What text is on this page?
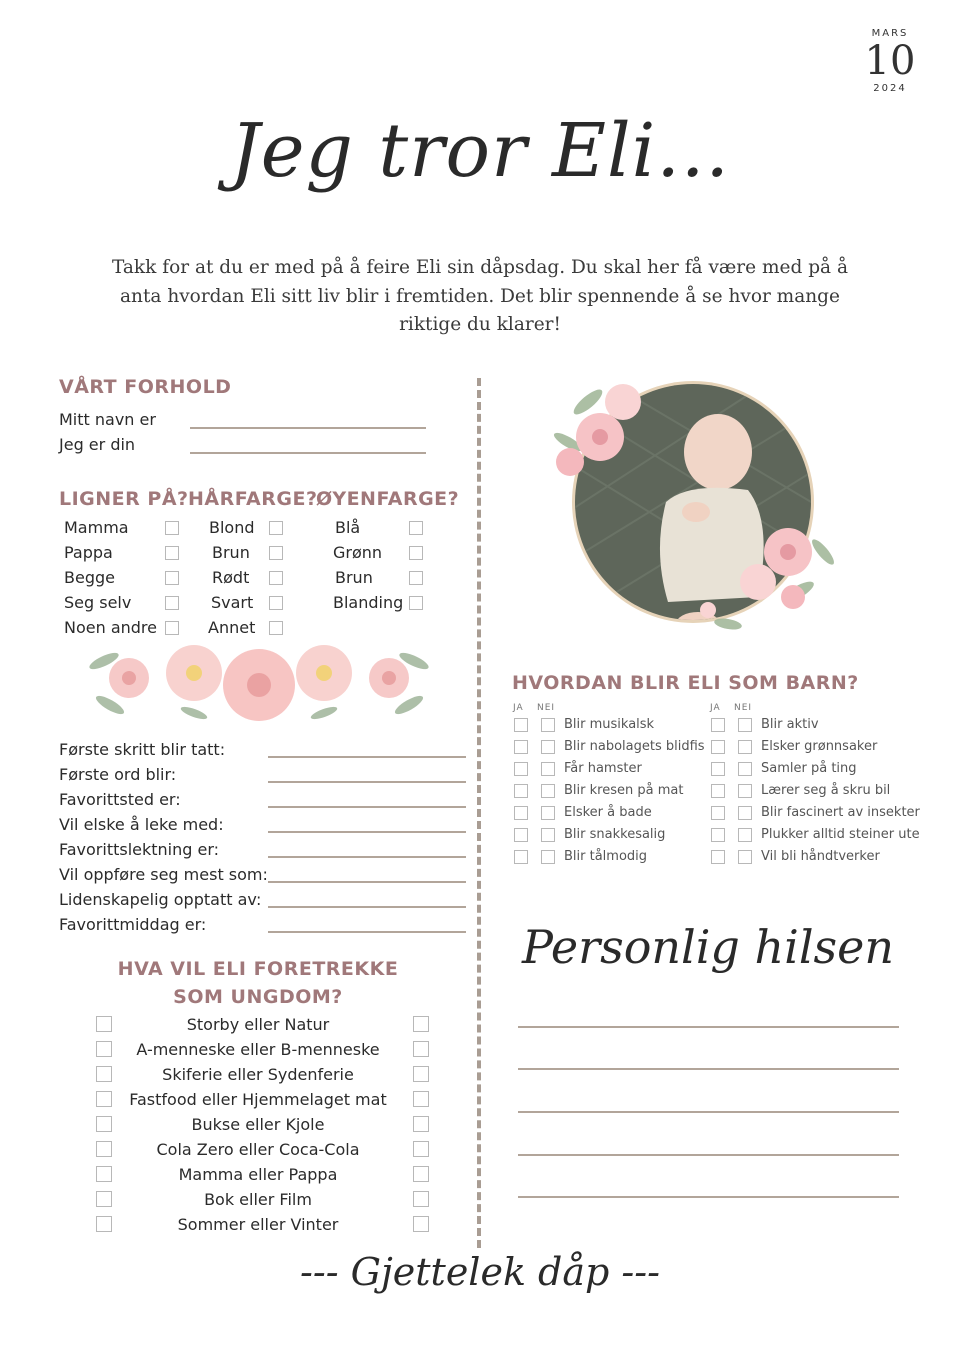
MARS
10
2024
Jeg tror Eli...
Takk for at du er med på å feire Eli sin dåpsdag. Du skal her få være med på å anta hvordan Eli sitt liv blir i fremtiden. Det blir spennende å se hvor mange riktige du klarer!
VÅRT FORHOLD
Mitt navn er
Jeg er din
LIGNER PÅ? HÅRFARGE?
ØYENFARGE?
Mamma
Pappa
Begge
Seg selv
Noen andre
Blond
Brun
Rødt
Svart
Annet
Blå
Grønn
Brun
Blanding
Første skritt blir tatt:
Første ord blir:
Favorittsted er:
Vil elske å leke med:
Favorittslektning er:
Vil oppføre seg mest som:
Lidenskapelig opptatt av:
Favorittmiddag er:
HVA VIL ELI FORETREKKE
SOM UNGDOM?
Storby eller Natur
A-menneske eller B-menneske
Skiferie eller Sydenferie
Fastfood eller Hjemmelaget mat
Bukse eller Kjole
Cola Zero eller Coca-Cola
Mamma eller Pappa
Bok eller Film
Sommer eller Vinter
HVORDAN BLIR ELI SOM BARN?
JA NEI	JA NEI
Blir musikalsk
Blir nabolagets blidfis
Får hamster
Blir kresen på mat
Elsker å bade
Blir snakkesalig
Blir tålmodig
Blir aktiv
Elsker grønnsaker
Samler på ting
Lærer seg å skru bil
Blir fascinert av insekter
Plukker alltid steiner ute
Vil bli håndtverker
Personlig hilsen
--- Gjettelek dåp ---
